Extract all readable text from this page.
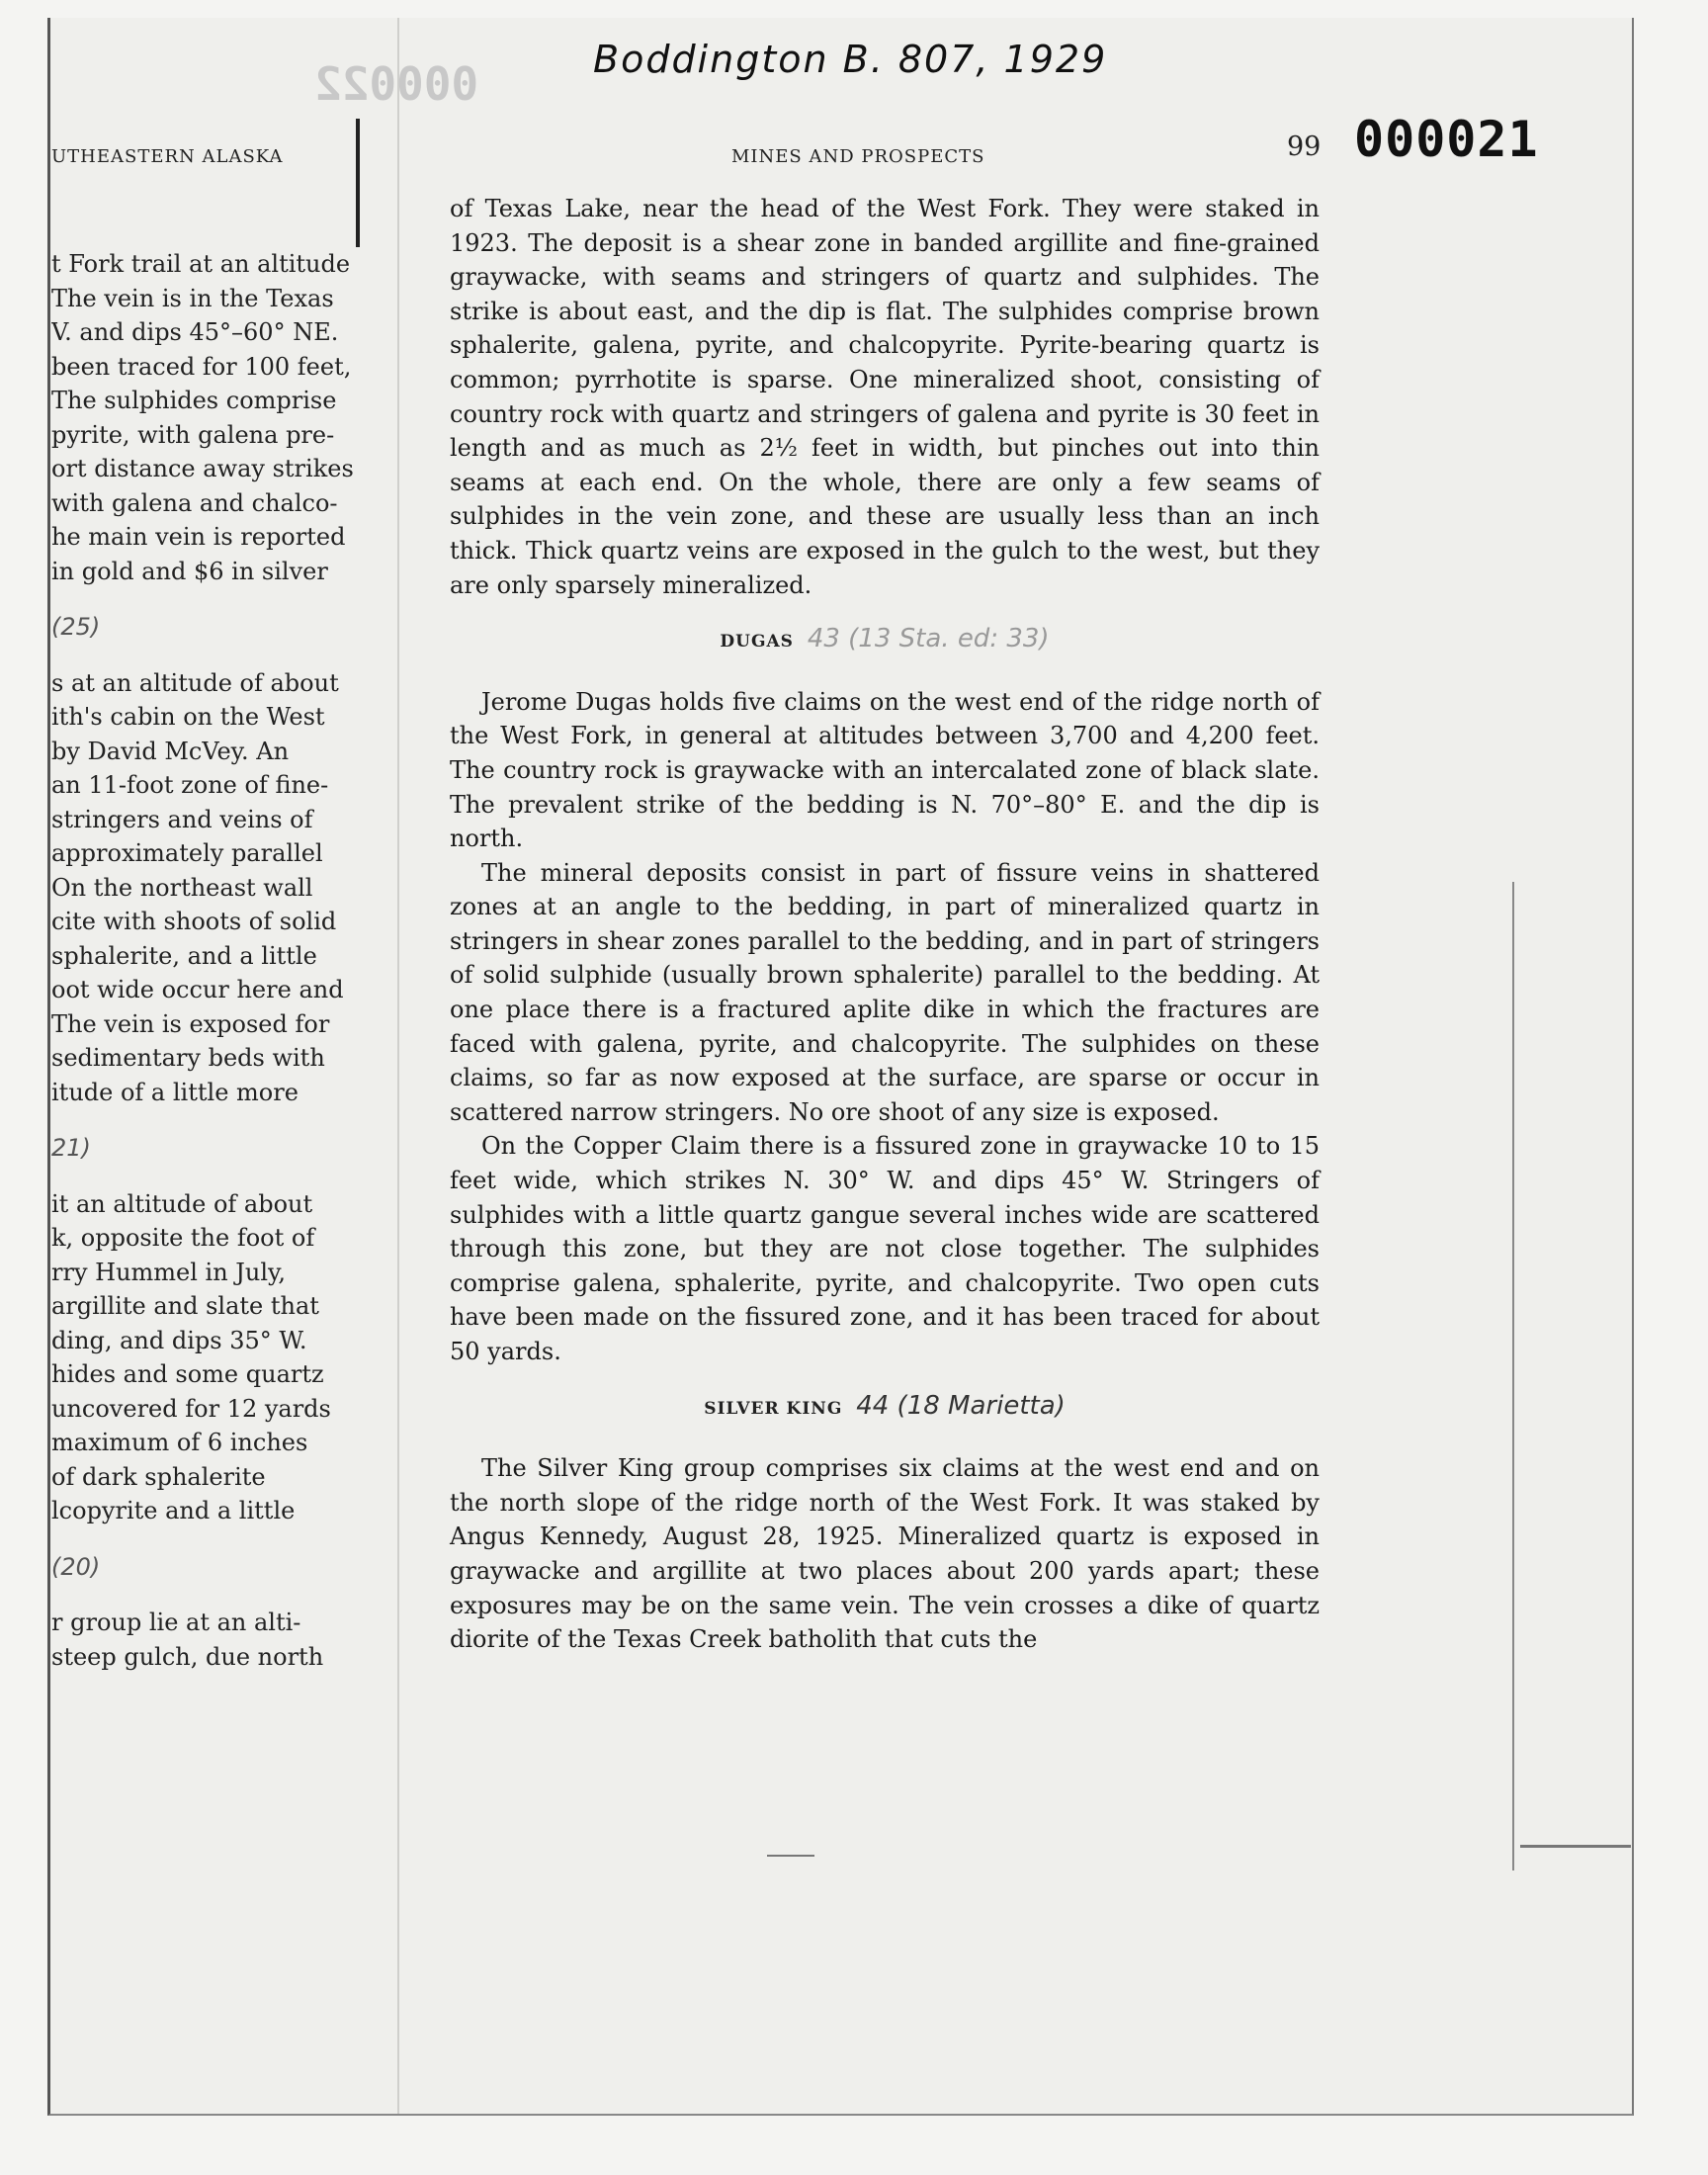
Boddington B. 807, 1929
000022
000021
UTHEASTERN ALASKA	MINES AND PROSPECTS	99
t Fork trail at an altitude
The vein is in the Texas
V. and dips 45°–60° NE.
been traced for 100 feet,
The sulphides comprise
pyrite, with galena pre-
ort distance away strikes
with galena and chalco-
he main vein is reported
in gold and $6 in silver
(25)
s at an altitude of about
ith's cabin on the West
by David McVey. An
an 11-foot zone of fine-
stringers and veins of
approximately parallel
On the northeast wall
cite with shoots of solid
sphalerite, and a little
oot wide occur here and
The vein is exposed for
sedimentary beds with
itude of a little more
21)
it an altitude of about
k, opposite the foot of
rry Hummel in July,
argillite and slate that
ding, and dips 35° W.
hides and some quartz
uncovered for 12 yards
maximum of 6 inches
of dark sphalerite
lcopyrite and a little
(20)
r group lie at an alti-
steep gulch, due north

of Texas Lake, near the head of the West Fork. They were staked in 1923. The deposit is a shear zone in banded argillite and fine-grained graywacke, with seams and stringers of quartz and sulphides. The strike is about east, and the dip is flat. The sulphides comprise brown sphalerite, galena, pyrite, and chalcopyrite. Pyrite-bearing quartz is common; pyrrhotite is sparse. One mineralized shoot, consisting of country rock with quartz and stringers of galena and pyrite is 30 feet in length and as much as 2½ feet in width, but pinches out into thin seams at each end. On the whole, there are only a few seams of sulphides in the vein zone, and these are usually less than an inch thick. Thick quartz veins are exposed in the gulch to the west, but they are only sparsely mineralized.

DUGAS 43 (13 Sta. ed: 33)

Jerome Dugas holds five claims on the west end of the ridge north of the West Fork, in general at altitudes between 3,700 and 4,200 feet. The country rock is graywacke with an intercalated zone of black slate. The prevalent strike of the bedding is N. 70°–80° E. and the dip is north.

The mineral deposits consist in part of fissure veins in shattered zones at an angle to the bedding, in part of mineralized quartz in stringers in shear zones parallel to the bedding, and in part of stringers of solid sulphide (usually brown sphalerite) parallel to the bedding. At one place there is a fractured aplite dike in which the fractures are faced with galena, pyrite, and chalcopyrite. The sulphides on these claims, so far as now exposed at the surface, are sparse or occur in scattered narrow stringers. No ore shoot of any size is exposed.

On the Copper Claim there is a fissured zone in graywacke 10 to 15 feet wide, which strikes N. 30° W. and dips 45° W. Stringers of sulphides with a little quartz gangue several inches wide are scattered through this zone, but they are not close together. The sulphides comprise galena, sphalerite, pyrite, and chalcopyrite. Two open cuts have been made on the fissured zone, and it has been traced for about 50 yards.

SILVER KING 44 (18 Marietta)

The Silver King group comprises six claims at the west end and on the north slope of the ridge north of the West Fork. It was staked by Angus Kennedy, August 28, 1925. Mineralized quartz is exposed in graywacke and argillite at two places about 200 yards apart; these exposures may be on the same vein. The vein crosses a dike of quartz diorite of the Texas Creek batholith that cuts the
